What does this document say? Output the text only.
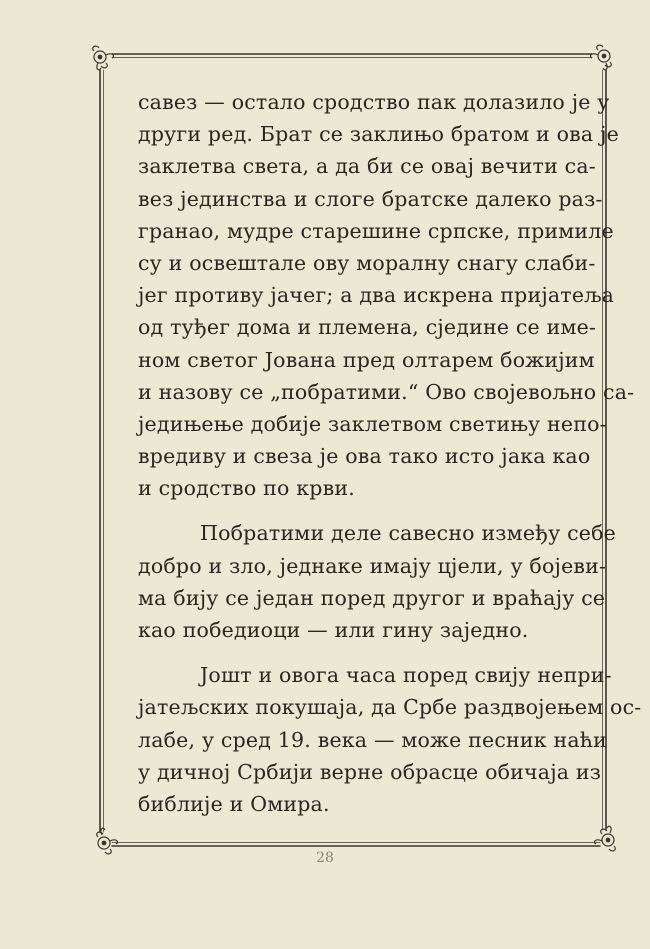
савез — остало сродство пак долазило је у
други ред. Брат се заклињо братом и ова је
заклетва света, а да би се овај вечити са-
вез јединства и слоге братске далеко раз-
гранао, мудре старешине српске, примиле
су и освештале ову моралну снагу слаби-
јег противу јачег; а два искрена пријатеља
од туђег дома и племена, сједине се име-
ном светог Јована пред олтарем божијим
и назову се „побратими.“ Ово својевољно са-
једињење добије заклетвом светињу непо-
вредиву и свеза је ова тако исто јака као
и сродство по крви.
Побратими деле савесно између себе
добро и зло, једнаке имају цјели, у бојеви-
ма бију се један поред другог и враћају се
као победиоци — или гину заједно.
Јошт и овога часа поред свију непри-
јатељских покушаја, да Србе раздвојењем ос-
лабе, у сред 19. века — може песник наћи
у дичној Србији верне обрасце обичаја из
библије и Омира.
28
